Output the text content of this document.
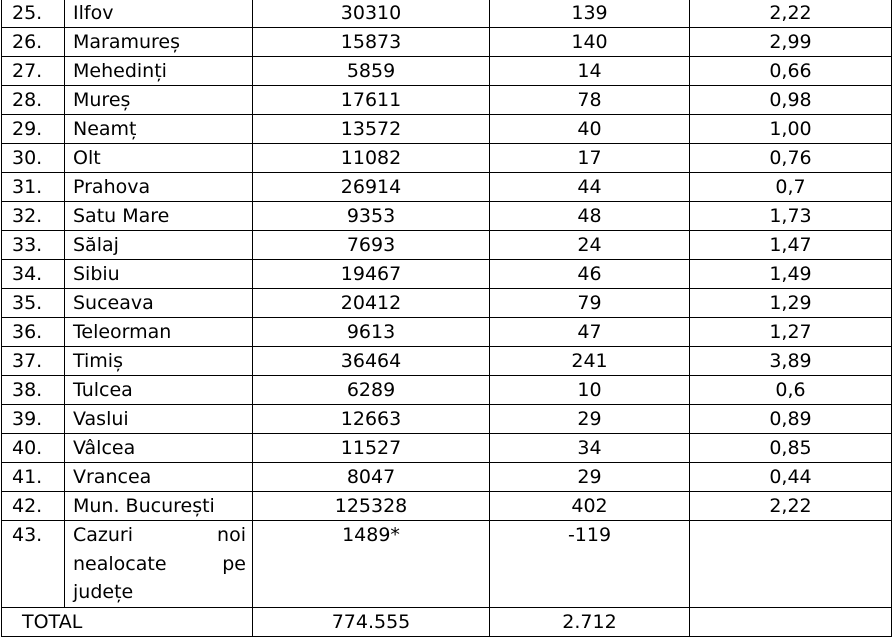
25.	Ilfov	30310	139	2,22
26.	Maramureș	15873	140	2,99
27.	Mehedinți	5859	14	0,66
28.	Mureș	17611	78	0,98
29.	Neamț	13572	40	1,00
30.	Olt	11082	17	0,76
31.	Prahova	26914	44	0,7
32.	Satu Mare	9353	48	1,73
33.	Sălaj	7693	24	1,47
34.	Sibiu	19467	46	1,49
35.	Suceava	20412	79	1,29
36.	Teleorman	9613	47	1,27
37.	Timiș	36464	241	3,89
38.	Tulcea	6289	10	0,6
39.	Vaslui	12663	29	0,89
40.	Vâlcea	11527	34	0,85
41.	Vrancea	8047	29	0,44
42.	Mun. București	125328	402	2,22
43.	Cazuri noi nealocate pe județe	1489*	-119	
TOTAL		774.555	2.712	
